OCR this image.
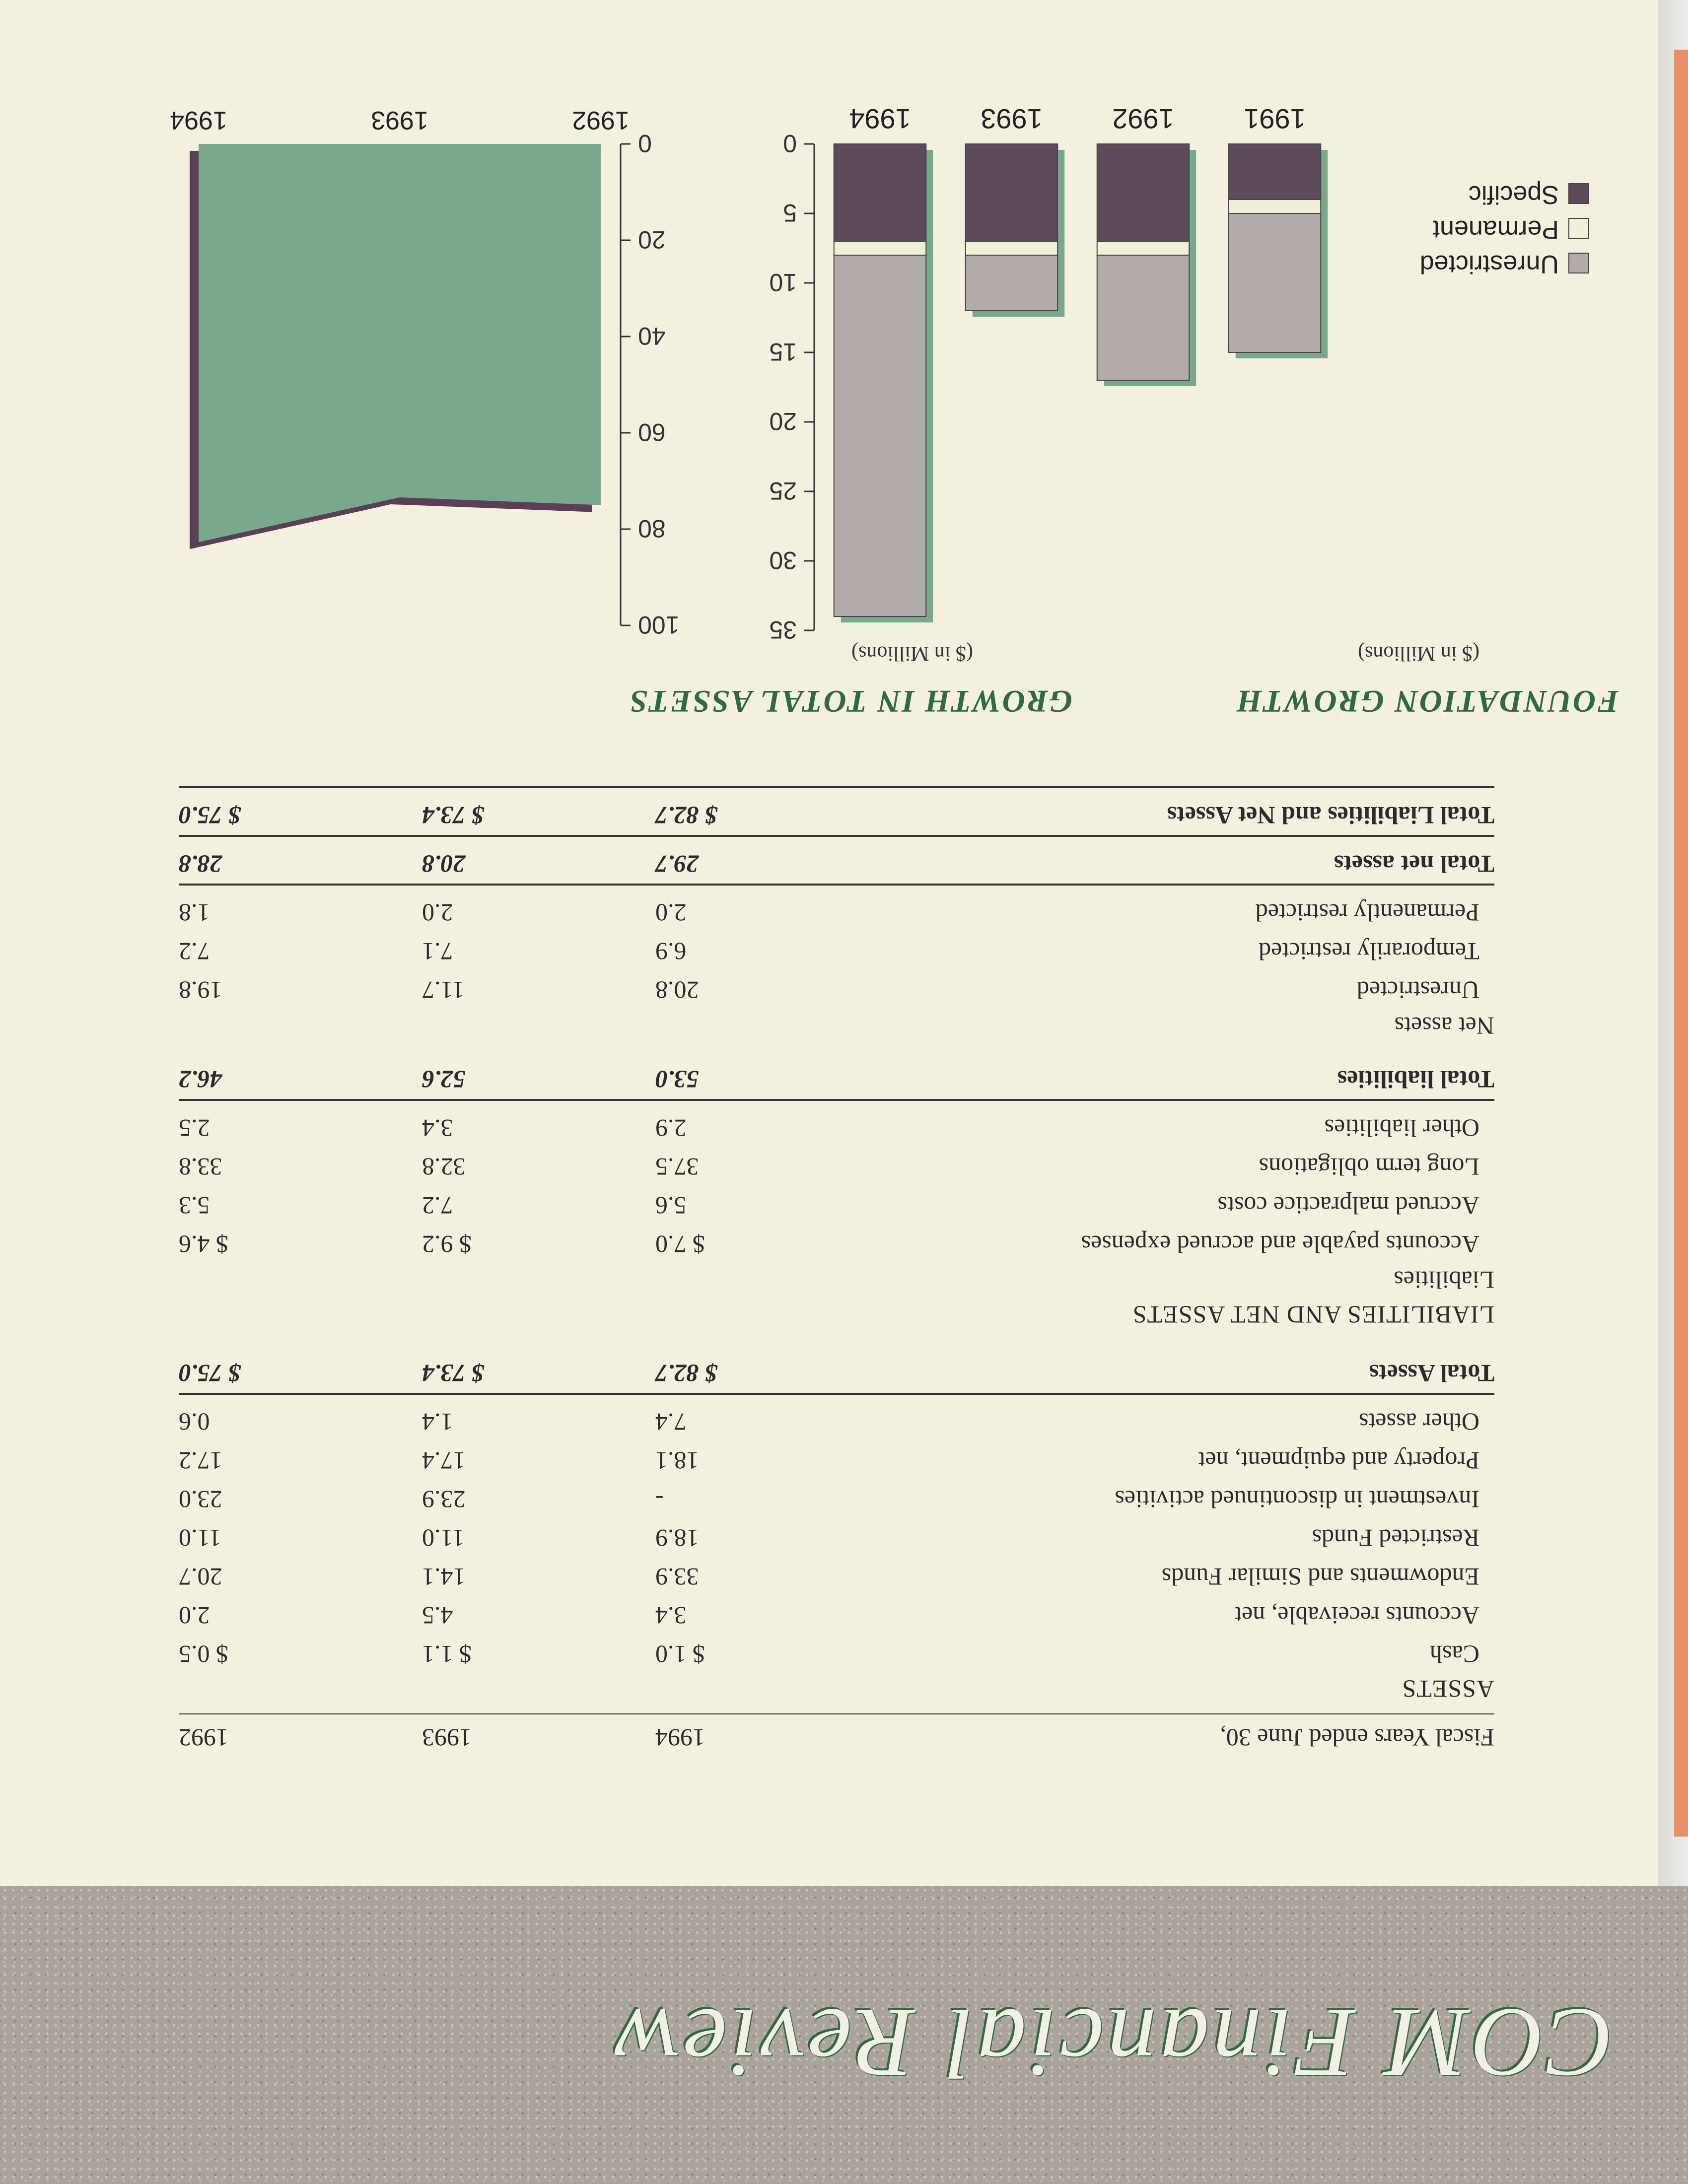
COM Financial Review
Fiscal Years ended June 30,
1994
1993
1992
ASSETS
Cash
$ 1.0
$ 1.1
$ 0.5
Accounts receivable, net
3.4
4.5
2.0
Endowments and Similar Funds
33.9
14.1
20.7
Restricted Funds
18.9
11.0
11.0
Investment in discontinued activities
-
23.9
23.0
Property and equipment, net
18.1
17.4
17.2
Other assets
7.4
1.4
0.6
Total Assets
$ 82.7
$ 73.4
$ 75.0
LIABILITIES AND NET ASSETS
Liabilities
Accounts payable and accrued expenses
$ 7.0
$ 9.2
$ 4.6
Accrued malpractice costs
5.6
7.2
5.3
Long term obligations
37.5
32.8
33.8
Other liabilities
2.9
3.4
2.5
Total liabilities
53.0
52.6
46.2
Net assets
Unrestricted
20.8
11.7
19.8
Temporarily restricted
6.9
7.1
7.2
Permanently restricted
2.0
2.0
1.8
Total net assets
29.7
20.8
28.8
Total Liabilities and Net Assets
$ 82.7
$ 73.4
$ 75.0
GROWTH IN TOTAL ASSETS
($ in Millions)
0
20
40
60
80
100
1992
1993
1994
FOUNDATION GROWTH
($ in Millions)
0
5
10
15
20
25
30
35
1991
1992
1993
1994
Unrestricted
Permanent
Specific
